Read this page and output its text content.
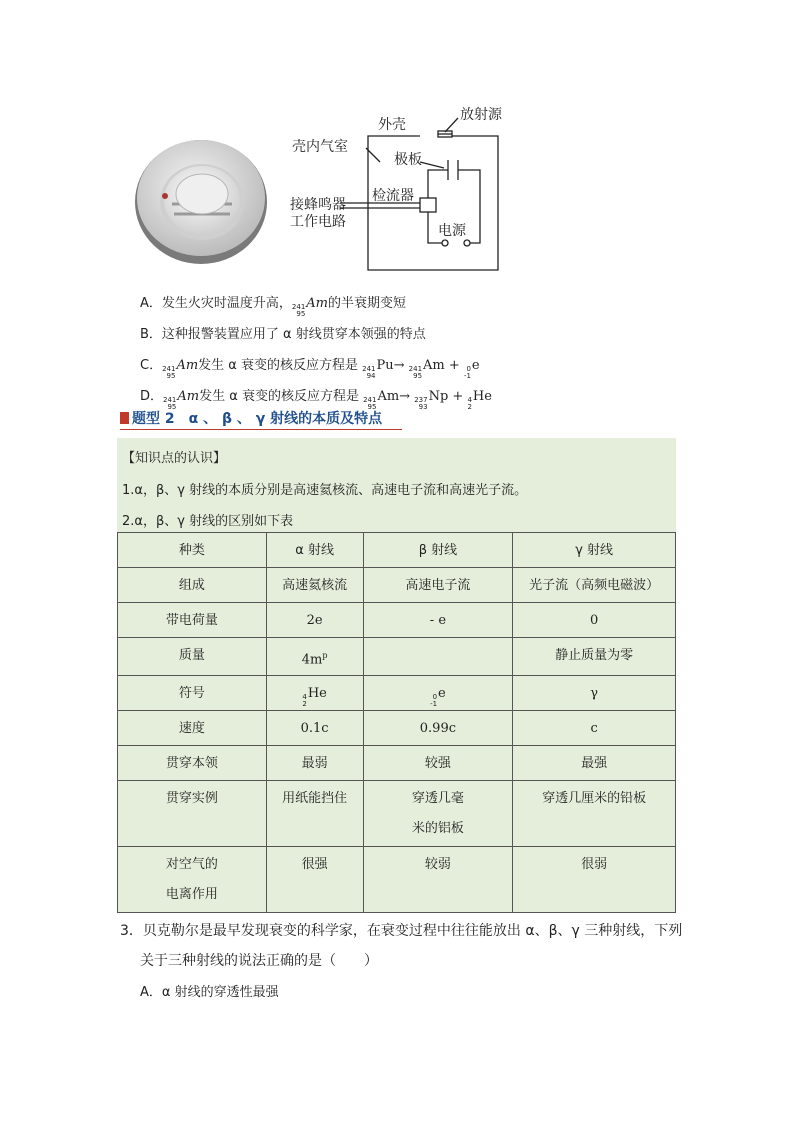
外壳
放射源
壳内气室
极板
检流器
接蜂鸣器
工作电路
电源
A．发生火灾时温度升高， 241
95
Am的半衰期变短
B．这种报警装置应用了 α 射线贯穿本领强的特点
C． 241
95
Am发生 α 衰变的核反应方程是 241
94
Pu→ 241
95
Am + 0
-1
e
D． 241
95
Am发生 α 衰变的核反应方程是 241
95
Am→ 237
93
Np + 4
2
He
题型 2　α 、 β 、 γ 射线的本质及特点
【知识点的认识】
1.α，β、γ 射线的本质分别是高速氦核流、高速电子流和高速光子流。
2.α，β、γ 射线的区别如下表
种类	α 射线	β 射线	γ 射线

组成	高速氦核流	高速电子流	光子流（高频电磁波）

带电荷量	2e	- e	0

质量	$4m^p$		静止质量为零

符号	4
2
He	0
-1
e	γ

速度	0.1c	0.99c	c

贯穿本领	最弱	较强	最强

贯穿实例	用纸能挡住	穿透几毫
米的铝板	穿透几厘米的铅板

对空气的
电离作用	很强	较弱	很弱
3．贝克勒尔是最早发现衰变的科学家，在衰变过程中往往能放出 α、β、γ 三种射线，下列
关于三种射线的说法正确的是（　　）
A．α 射线的穿透性最强
